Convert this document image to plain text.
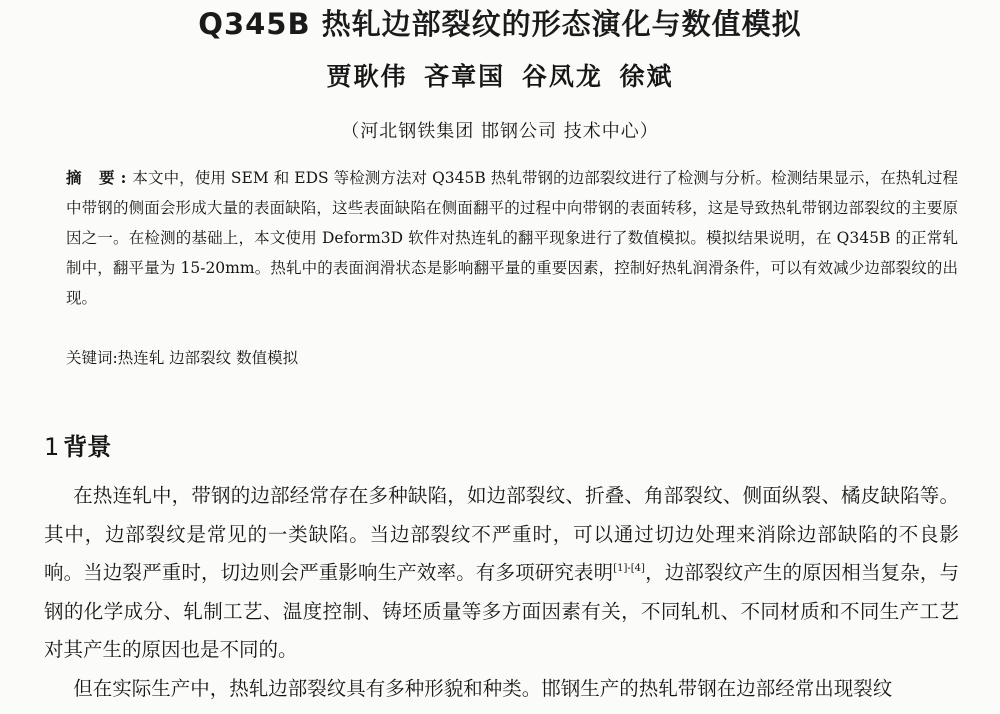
Q345B 热轧边部裂纹的形态演化与数值模拟
贾耿伟 吝章国 谷凤龙 徐斌
（河北钢铁集团 邯钢公司 技术中心）
摘 要:本文中，使用 SEM 和 EDS 等检测方法对 Q345B 热轧带钢的边部裂纹进行了检测与分析。检测结果显示，在热轧过程中带钢的侧面会形成大量的表面缺陷，这些表面缺陷在侧面翻平的过程中向带钢的表面转移，这是导致热轧带钢边部裂纹的主要原因之一。在检测的基础上，本文使用 Deform3D 软件对热连轧的翻平现象进行了数值模拟。模拟结果说明，在 Q345B 的正常轧制中，翻平量为 15-20mm。热轧中的表面润滑状态是影响翻平量的重要因素，控制好热轧润滑条件，可以有效减少边部裂纹的出现。
关键词:热连轧 边部裂纹 数值模拟
1 背景

在热连轧中，带钢的边部经常存在多种缺陷，如边部裂纹、折叠、角部裂纹、侧面纵裂、橘皮缺陷等。其中，边部裂纹是常见的一类缺陷。当边部裂纹不严重时，可以通过切边处理来消除边部缺陷的不良影响。当边裂严重时，切边则会严重影响生产效率。有多项研究表明[1]-[4]，边部裂纹产生的原因相当复杂，与钢的化学成分、轧制工艺、温度控制、铸坯质量等多方面因素有关，不同轧机、不同材质和不同生产工艺对其产生的原因也是不同的。

但在实际生产中，热轧边部裂纹具有多种形貌和种类。邯钢生产的热轧带钢在边部经常出现裂纹
